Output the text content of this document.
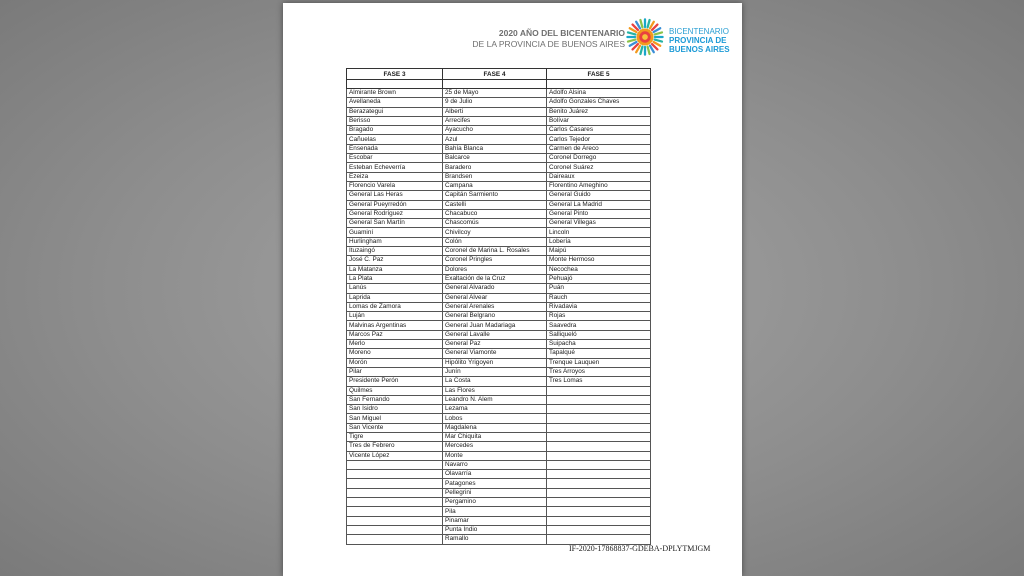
2020 AÑO DEL BICENTENARIO
DE LA PROVINCIA DE BUENOS AIRES
BICENTENARIO
PROVINCIA DE
BUENOS AIRES
FASE 3	FASE 4	FASE 5

Almirante Brown	25 de Mayo	Adolfo Alsina
Avellaneda	9 de Julio	Adolfo Gonzales Chaves
Berazategui	Alberti	Benito Juárez
Berisso	Arrecifes	Bolívar
Bragado	Ayacucho	Carlos Casares
Cañuelas	Azul	Carlos Tejedor
Ensenada	Bahía Blanca	Carmen de Areco
Escobar	Balcarce	Coronel Dorrego
Esteban Echeverría	Baradero	Coronel Suárez
Ezeiza	Brandsen	Daireaux
Florencio Varela	Campana	Florentino Ameghino
General Las Heras	Capitán Sarmiento	General Guido
General Pueyrredón	Castelli	General La Madrid
General Rodríguez	Chacabuco	General Pinto
General San Martín	Chascomús	General Villegas
Guaminí	Chivilcoy	Lincoln
Hurlingham	Colón	Lobería
Ituzaingó	Coronel de Marina L. Rosales	Maipú
José C. Paz	Coronel Pringles	Monte Hermoso
La Matanza	Dolores	Necochea
La Plata	Exaltación de la Cruz	Pehuajó
Lanús	General Alvarado	Puán
Laprida	General Alvear	Rauch
Lomas de Zamora	General Arenales	Rivadavia
Luján	General Belgrano	Rojas
Malvinas Argentinas	General Juan Madariaga	Saavedra
Marcos Paz	General Lavalle	Salliqueló
Merlo	General Paz	Suipacha
Moreno	General Viamonte	Tapalqué
Morón	Hipólito Yrigoyen	Trenque Lauquen
Pilar	Junín	Tres Arroyos
Presidente Perón	La Costa	Tres Lomas
Quilmes	Las Flores	
San Fernando	Leandro N. Alem	
San Isidro	Lezama	
San Miguel	Lobos	
San Vicente	Magdalena	
Tigre	Mar Chiquita	
Tres de Febrero	Mercedes	
Vicente López	Monte	
	Navarro	
	Olavarría	
	Patagones	
	Pellegrini	
	Pergamino	
	Pila	
	Pinamar	
	Punta Indio	
	Ramallo	
IF-2020-17868837-GDEBA-DPLYTMJGM
